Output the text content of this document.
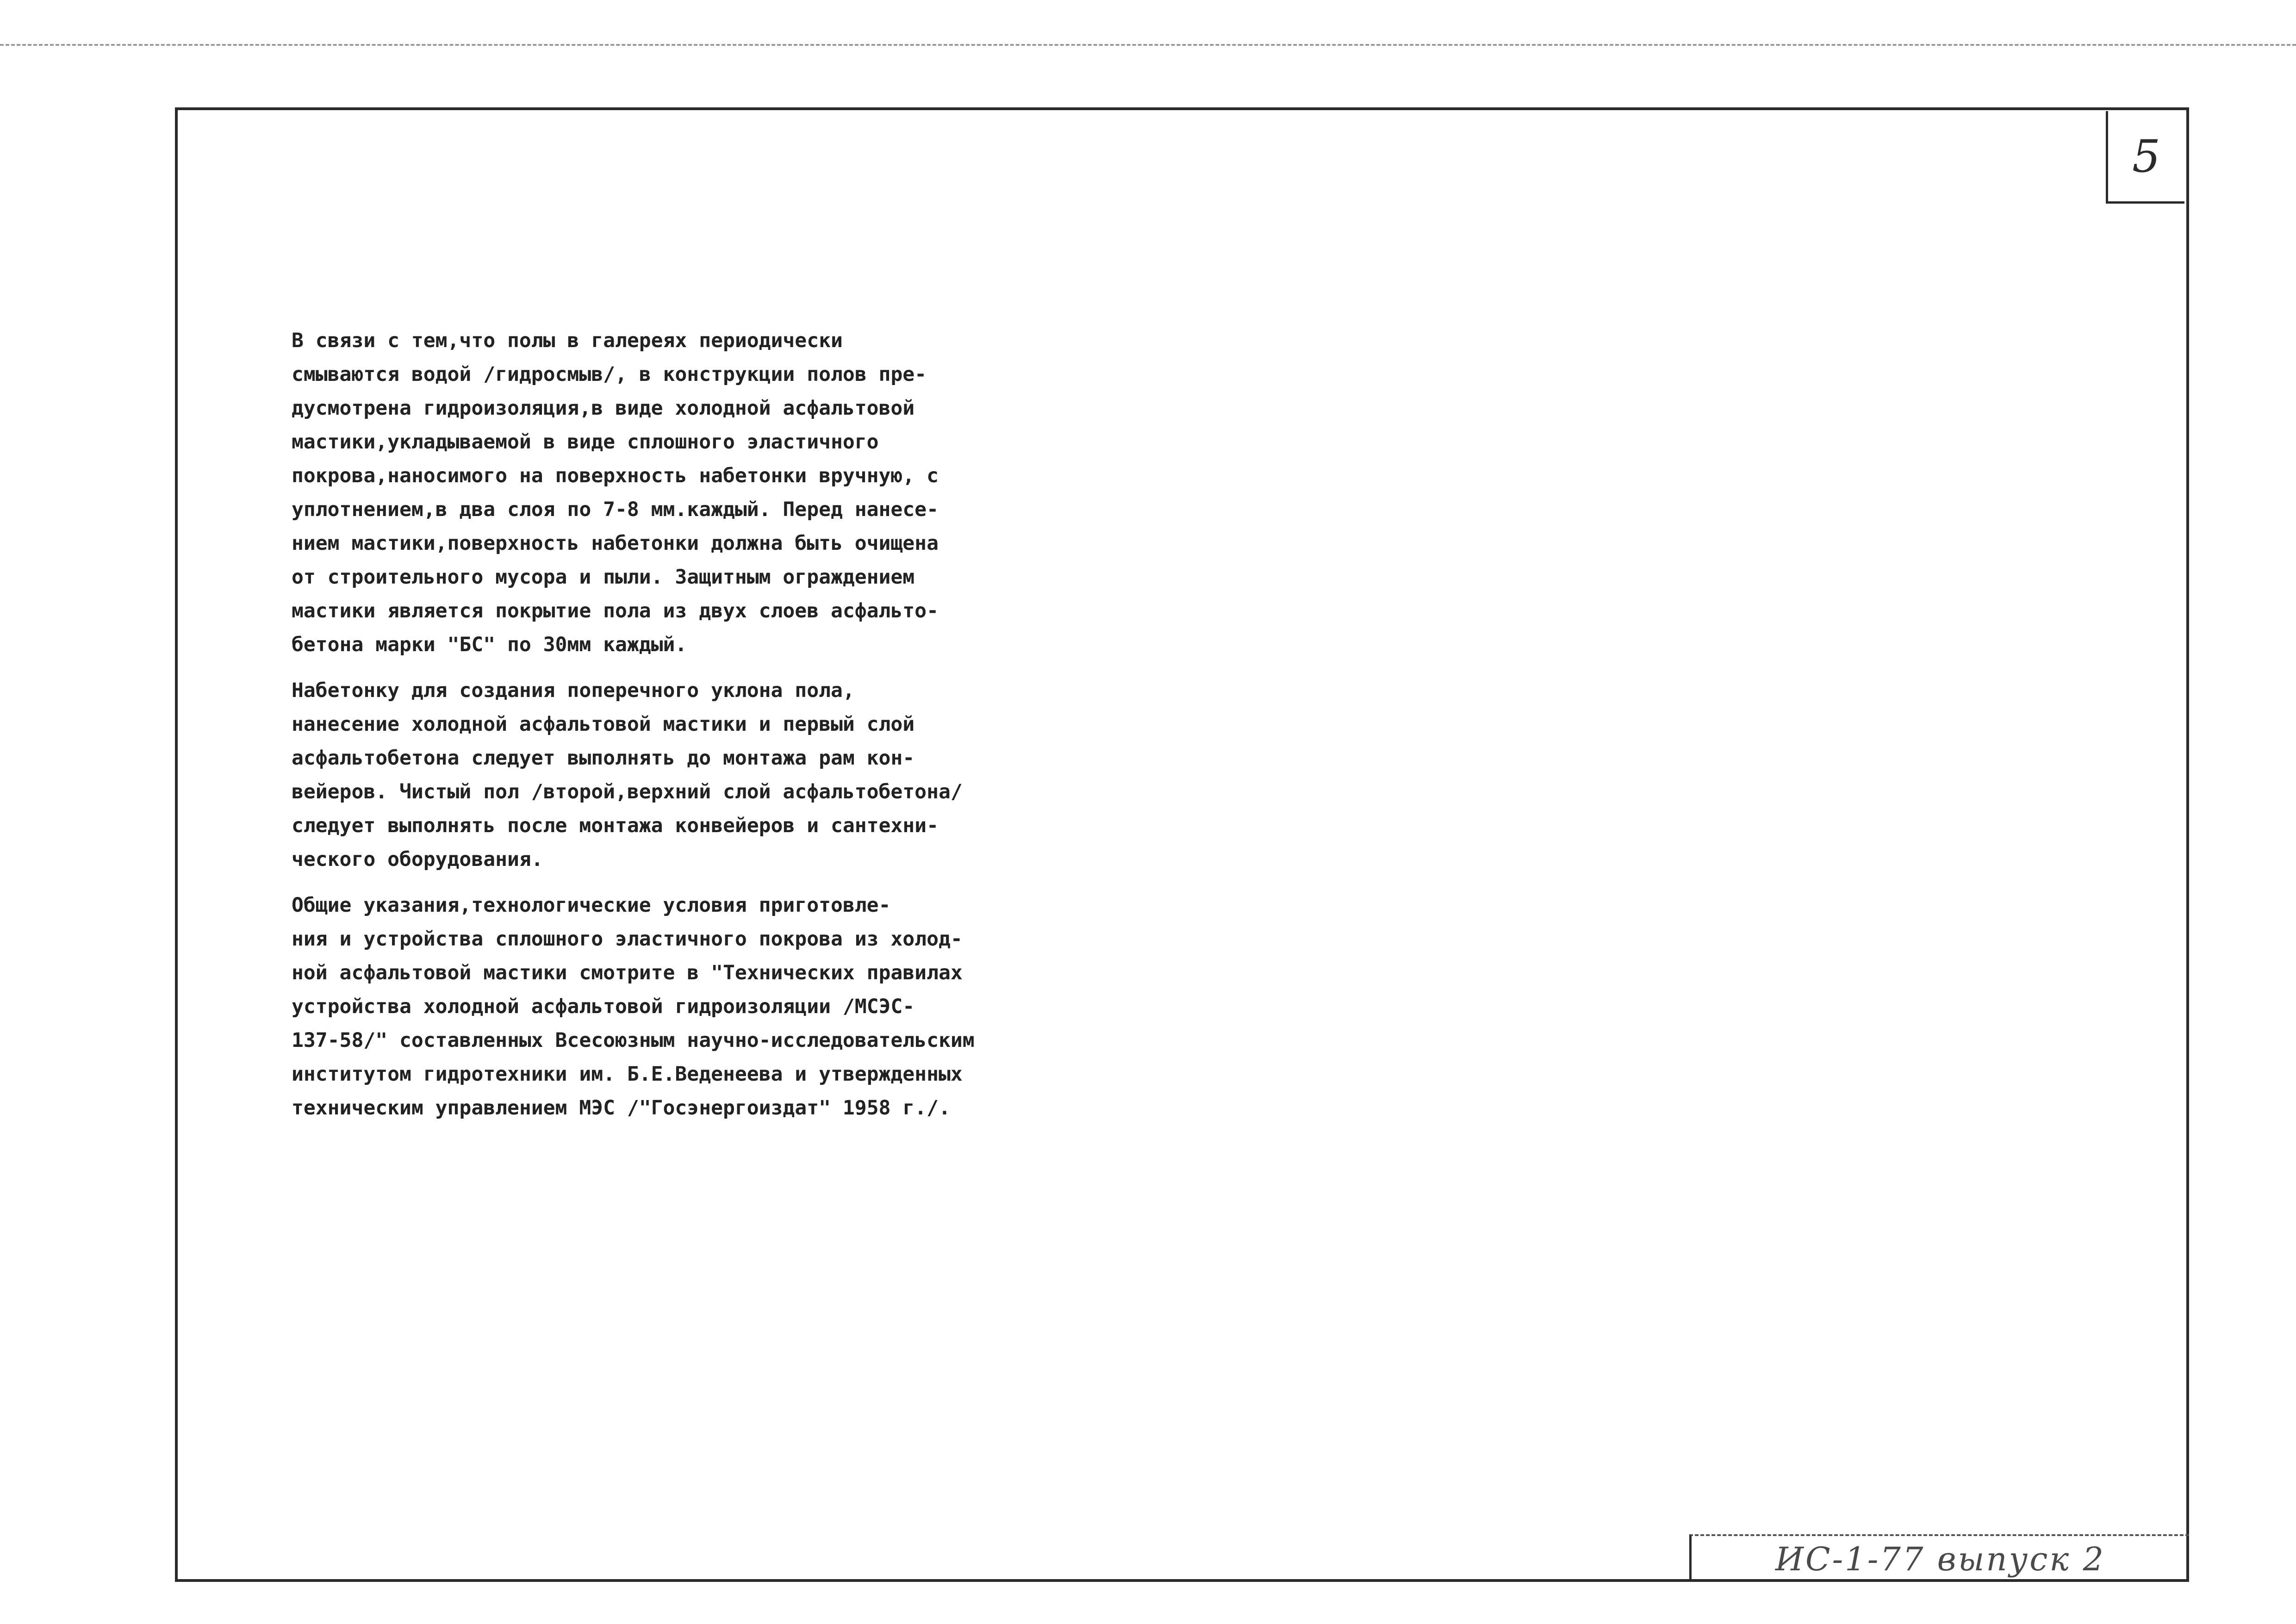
5

В связи с тем,что полы в галереях периодически
смываются водой /гидросмыв/, в конструкции полов пре-
дусмотрена гидроизоляция,в виде холодной асфальтовой
мастики,укладываемой в виде сплошного эластичного
покрова,наносимого на поверхность набетонки вручную, с
уплотнением,в два слоя по 7-8 мм.каждый. Перед нанесе-
нием мастики,поверхность набетонки должна быть очищена
от строительного мусора и пыли. Защитным ограждением
мастики является покрытие пола из двух слоев асфальто-
бетона марки "БС" по 30мм каждый.

Набетонку для создания поперечного уклона пола,
нанесение холодной асфальтовой мастики и первый слой
асфальтобетона следует выполнять до монтажа рам кон-
вейеров. Чистый пол /второй,верхний слой асфальтобетона/
следует выполнять после монтажа конвейеров и сантехни-
ческого оборудования.

Общие указания,технологические условия приготовле-
ния и устройства сплошного эластичного покрова из холод-
ной асфальтовой мастики смотрите в "Технических правилах
устройства холодной асфальтовой гидроизоляции /МСЭС-
137-58/" составленных Всесоюзным научно-исследовательским
институтом гидротехники им. Б.Е.Веденеева и утвержденных
техническим управлением МЭС /"Госэнергоиздат" 1958 г./.

ИС-1-77 выпуск 2
